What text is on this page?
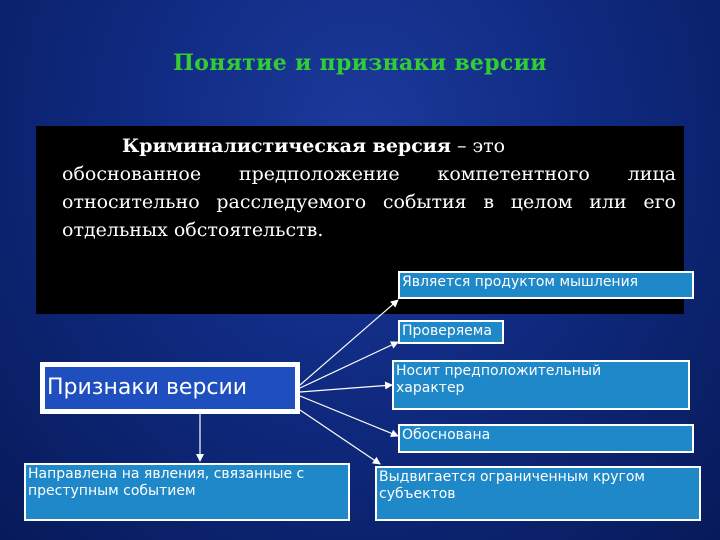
Понятие и признаки версии
Криминалистическая версия – это
обоснованное предположение компетентного лица относительно расследуемого события в целом или его отдельных обстоятельств.
Является продуктом мышления
Проверяема
Носит предположительный характер
Обоснована
Направлена на явления, связанные с преступным событием
Выдвигается ограниченным кругом субъектов
Признаки версии
